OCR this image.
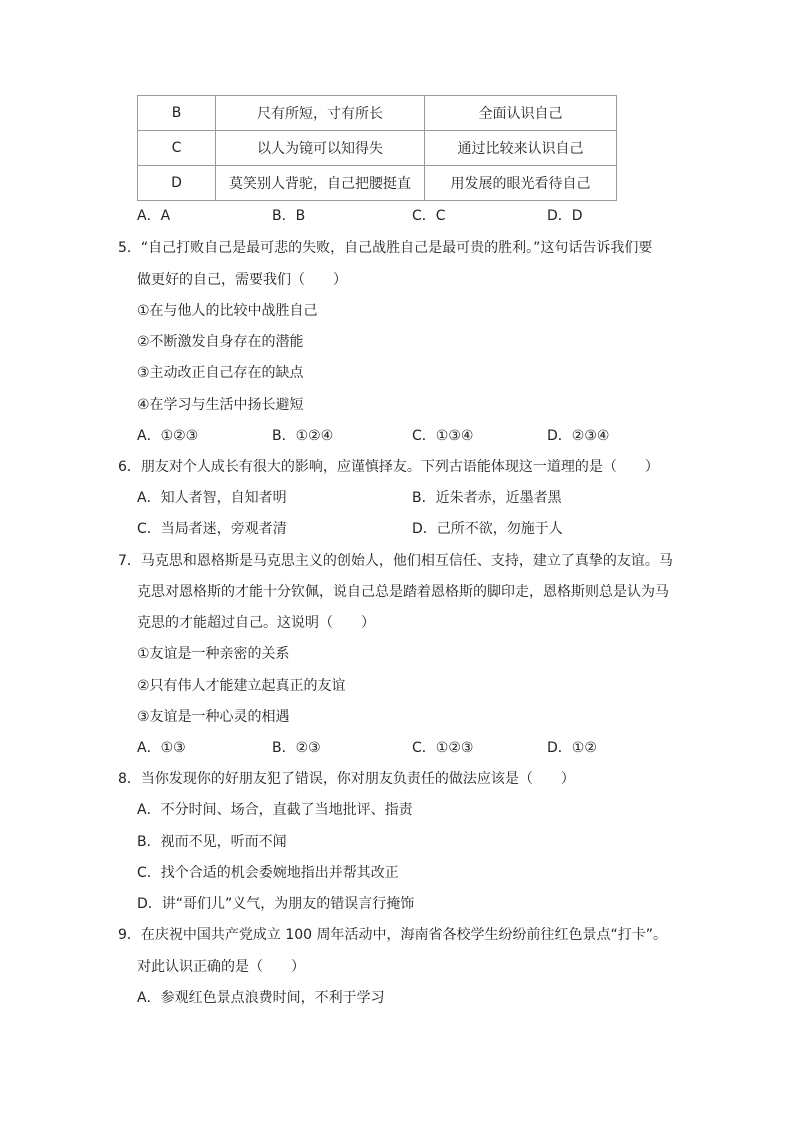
B	尺有所短，寸有所长	全面认识自己
C	以人为镜可以知得失	通过比较来认识自己
D	莫笑别人背驼，自己把腰挺直	用发展的眼光看待自己
A．A	B．B	C．C	D．D
5．“自己打败自己是最可悲的失败，自己战胜自己是最可贵的胜利。”这句话告诉我们要
做更好的自己，需要我们（　　）
①在与他人的比较中战胜自己
②不断激发自身存在的潜能
③主动改正自己存在的缺点
④在学习与生活中扬长避短
A．①②③	B．①②④	C．①③④	D．②③④
6．朋友对个人成长有很大的影响，应谨慎择友。下列古语能体现这一道理的是（　　）
A．知人者智，自知者明	B．近朱者赤，近墨者黑
C．当局者迷，旁观者清	D．己所不欲，勿施于人
7．马克思和恩格斯是马克思主义的创始人，他们相互信任、支持，建立了真挚的友谊。马
克思对恩格斯的才能十分钦佩，说自己总是踏着恩格斯的脚印走，恩格斯则总是认为马
克思的才能超过自己。这说明（　　）
①友谊是一种亲密的关系
②只有伟人才能建立起真正的友谊
③友谊是一种心灵的相遇
A．①③	B．②③	C．①②③	D．①②
8．当你发现你的好朋友犯了错误，你对朋友负责任的做法应该是（　　）
A．不分时间、场合，直截了当地批评、指责
B．视而不见，听而不闻
C．找个合适的机会委婉地指出并帮其改正
D．讲“哥们儿”义气，为朋友的错误言行掩饰
9．在庆祝中国共产党成立 100 周年活动中，海南省各校学生纷纷前往红色景点“打卡”。
对此认识正确的是（　　）
A．参观红色景点浪费时间，不利于学习
